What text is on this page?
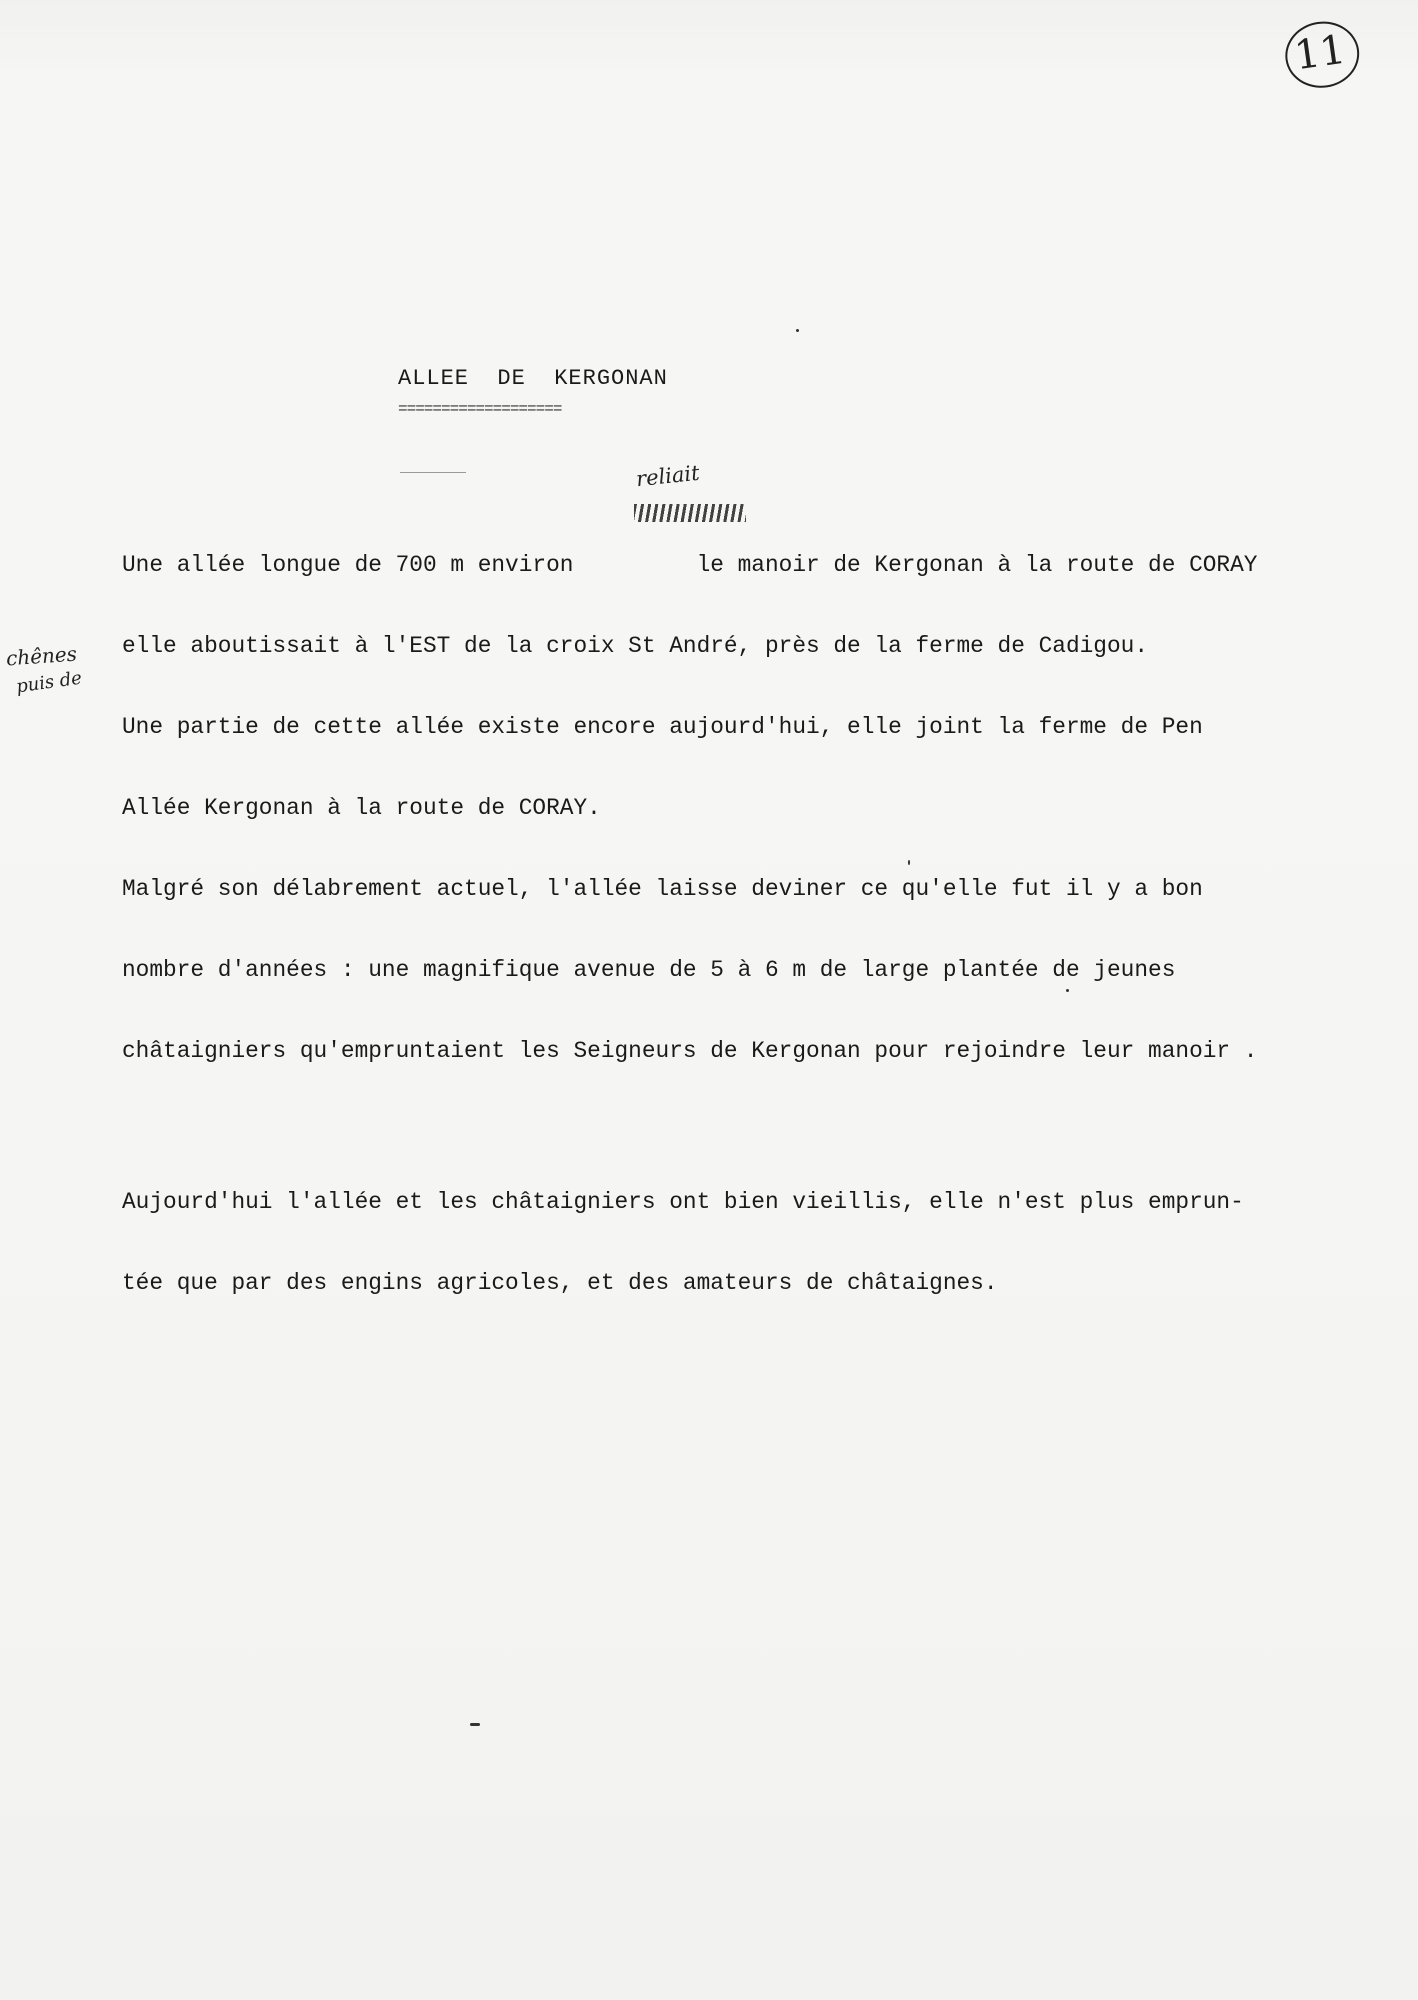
11
ALLEE  DE  KERGONAN
===================
reliait
chênes
puis de

Une allée longue de 700 m environ         le manoir de Kergonan à la route de CORAY

elle aboutissait à l'EST de la croix St André, près de la ferme de Cadigou.

Une partie de cette allée existe encore aujourd'hui, elle joint la ferme de Pen

Allée Kergonan à la route de CORAY.

Malgré son délabrement actuel, l'allée laisse deviner ce qu'elle fut il y a bon

nombre d'années : une magnifique avenue de 5 à 6 m de large plantée de jeunes

châtaigniers qu'empruntaient les Seigneurs de Kergonan pour rejoindre leur manoir .

Aujourd'hui l'allée et les châtaigniers ont bien vieillis, elle n'est plus emprun-

tée que par des engins agricoles, et des amateurs de châtaignes.
